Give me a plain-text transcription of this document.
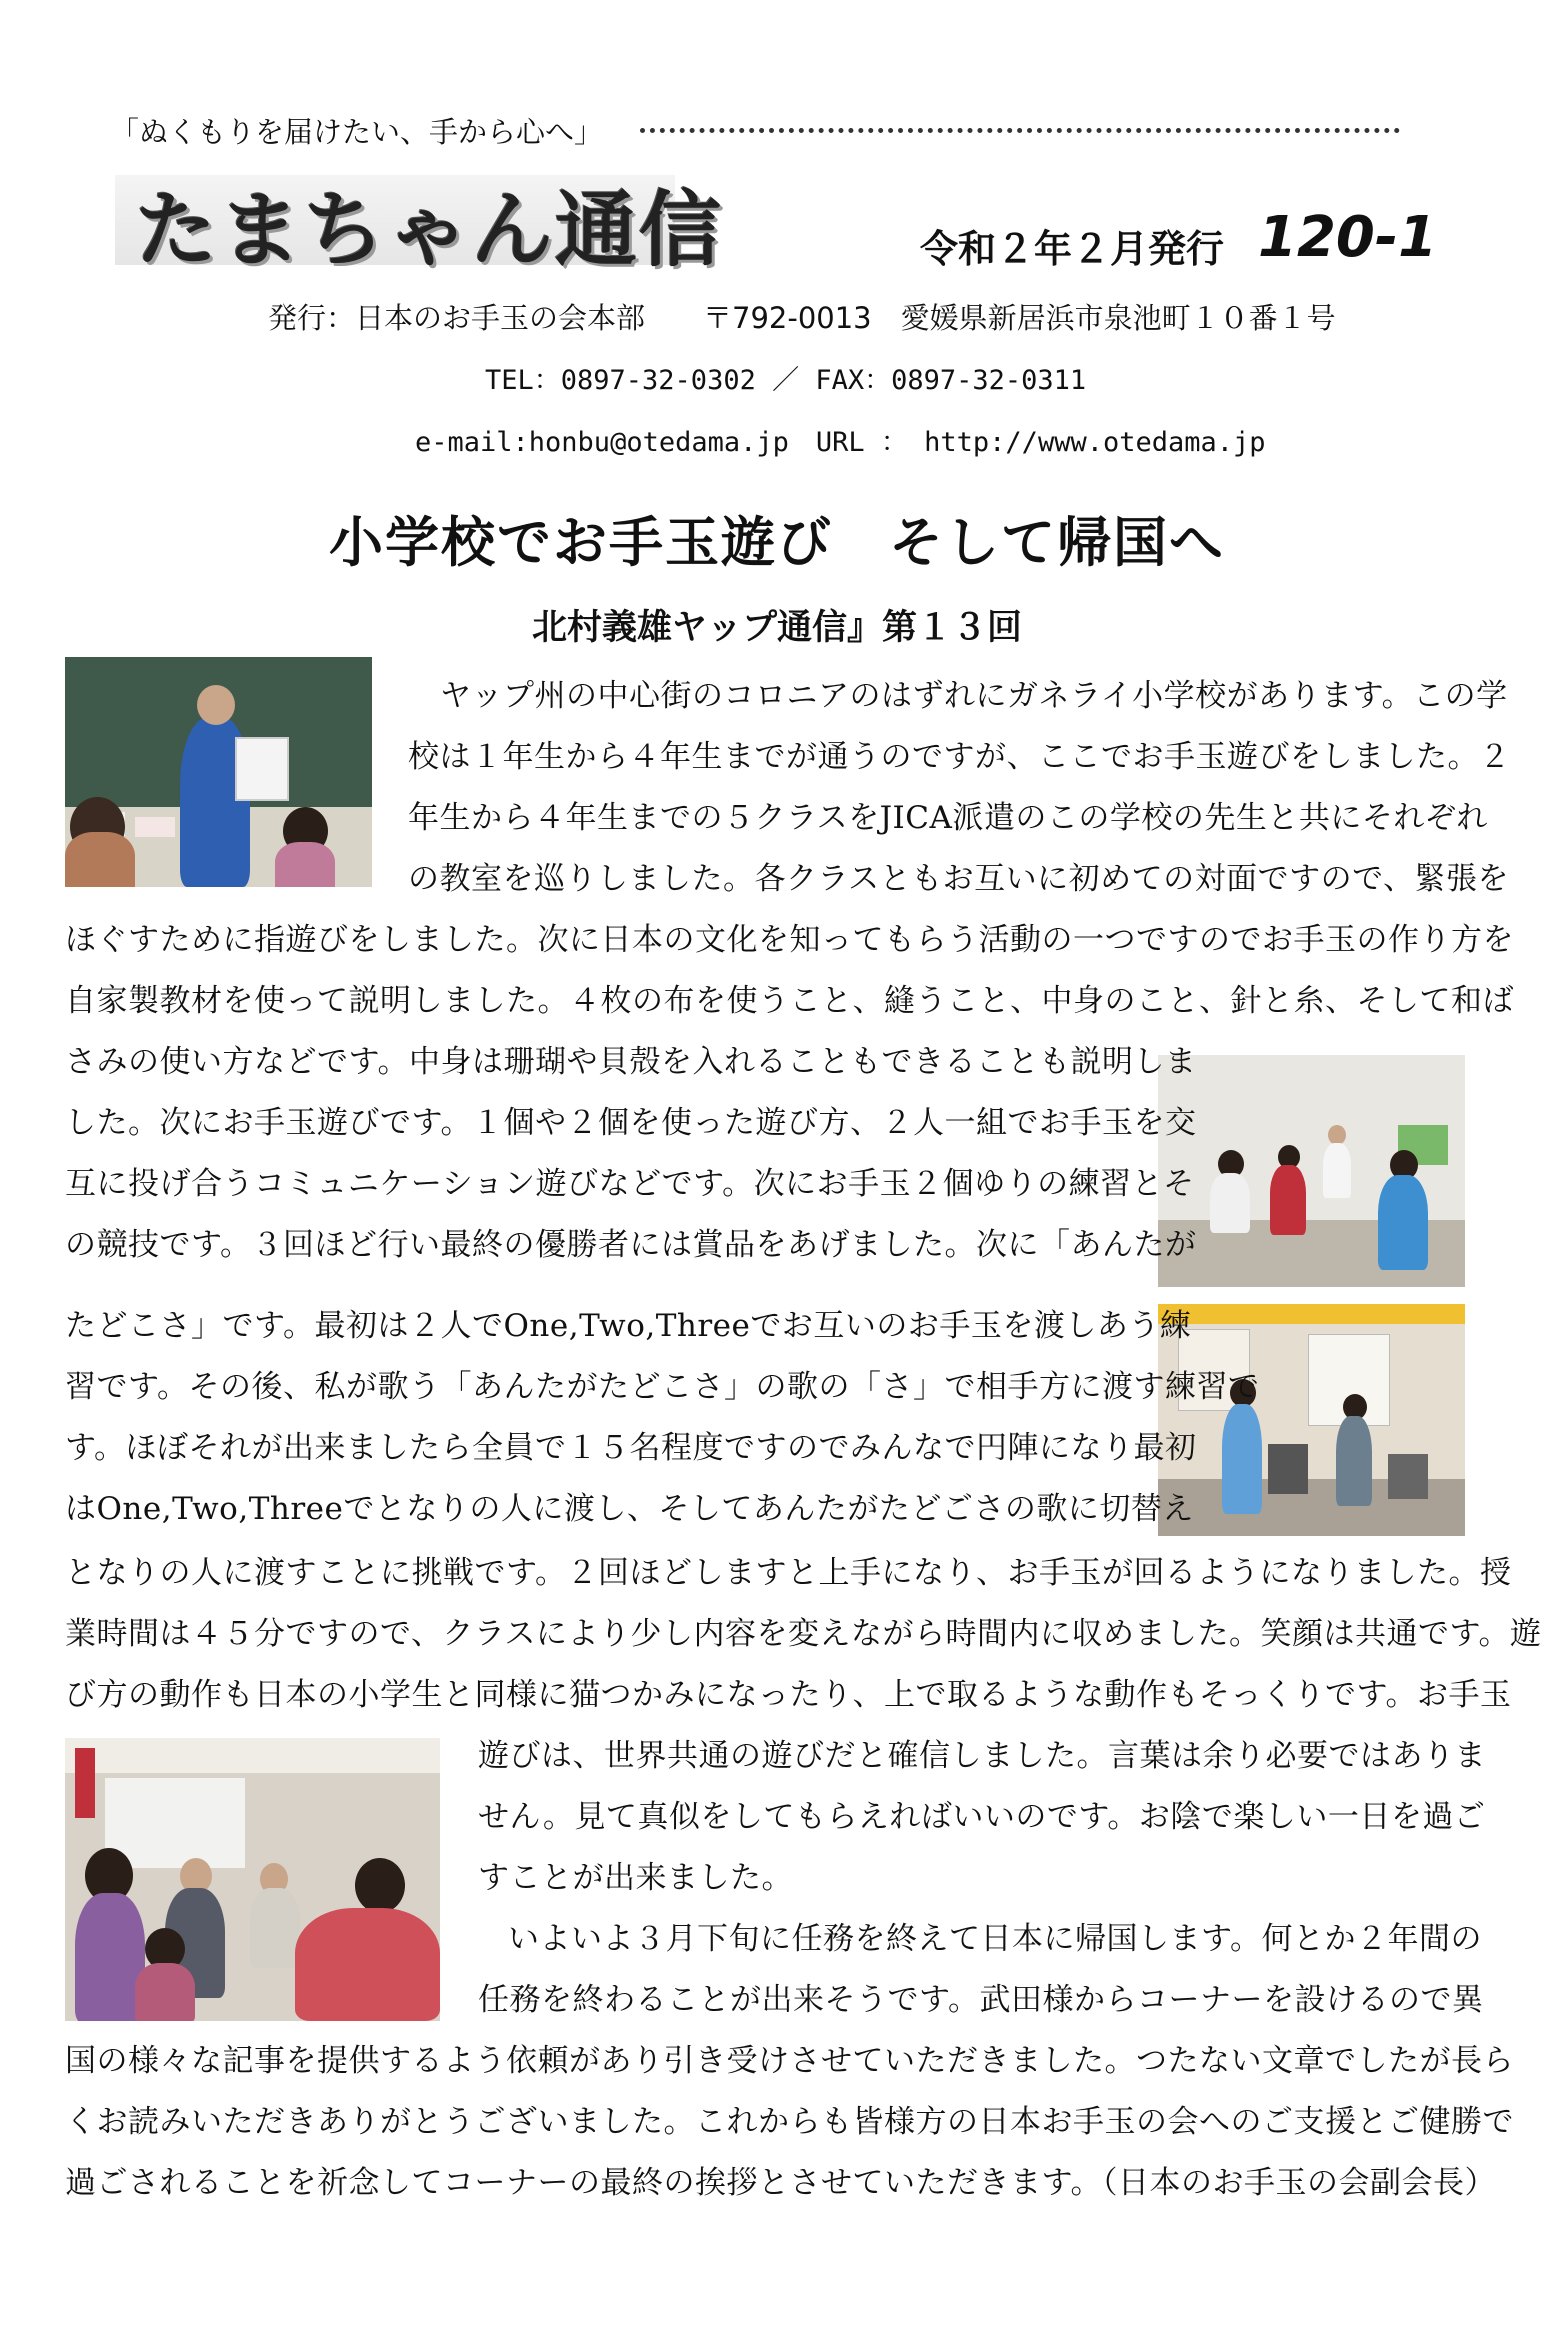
「ぬくもりを届けたい、手から心へ」
たまちゃん通信	令和２年２月発行 120-1
発行：日本のお手玉の会本部　　〒792-0013　愛媛県新居浜市泉池町１０番１号
TEL：0897-32-0302 ／ FAX：0897-32-0311
e-mail:honbu@otedama.jp　URL ： http://www.otedama.jp
小学校でお手玉遊び　そして帰国へ
北村義雄ヤップ通信』第１３回
ヤップ州の中心街のコロニアのはずれにガネライ小学校があります。この学
校は１年生から４年生までが通うのですが、ここでお手玉遊びをしました。２
年生から４年生までの５クラスをJICA派遣のこの学校の先生と共にそれぞれ
の教室を巡りしました。各クラスともお互いに初めての対面ですので、緊張を
ほぐすために指遊びをしました。次に日本の文化を知ってもらう活動の一つですのでお手玉の作り方を
自家製教材を使って説明しました。４枚の布を使うこと、縫うこと、中身のこと、針と糸、そして和ば
さみの使い方などです。中身は珊瑚や貝殻を入れることもできることも説明しま
した。次にお手玉遊びです。１個や２個を使った遊び方、２人一組でお手玉を交
互に投げ合うコミュニケーション遊びなどです。次にお手玉２個ゆりの練習とそ
の競技です。３回ほど行い最終の優勝者には賞品をあげました。次に「あんたが
たどこさ」です。最初は２人でOne,Two,Threeでお互いのお手玉を渡しあう練
習です。その後、私が歌う「あんたがたどこさ」の歌の「さ」で相手方に渡す練習で
す。ほぼそれが出来ましたら全員で１５名程度ですのでみんなで円陣になり最初
はOne,Two,Threeでとなりの人に渡し、そしてあんたがたどごさの歌に切替え
となりの人に渡すことに挑戦です。２回ほどしますと上手になり、お手玉が回るようになりました。授
業時間は４５分ですので、クラスにより少し内容を変えながら時間内に収めました。笑顔は共通です。遊
び方の動作も日本の小学生と同様に猫つかみになったり、上で取るような動作もそっくりです。お手玉
遊びは、世界共通の遊びだと確信しました。言葉は余り必要ではありま
せん。見て真似をしてもらえればいいのです。お陰で楽しい一日を過ご
すことが出来ました。
いよいよ３月下旬に任務を終えて日本に帰国します。何とか２年間の
任務を終わることが出来そうです。武田様からコーナーを設けるので異
国の様々な記事を提供するよう依頼があり引き受けさせていただきました。つたない文章でしたが長ら
くお読みいただきありがとうございました。これからも皆様方の日本お手玉の会へのご支援とご健勝で
過ごされることを祈念してコーナーの最終の挨拶とさせていただきます。（日本のお手玉の会副会長）
